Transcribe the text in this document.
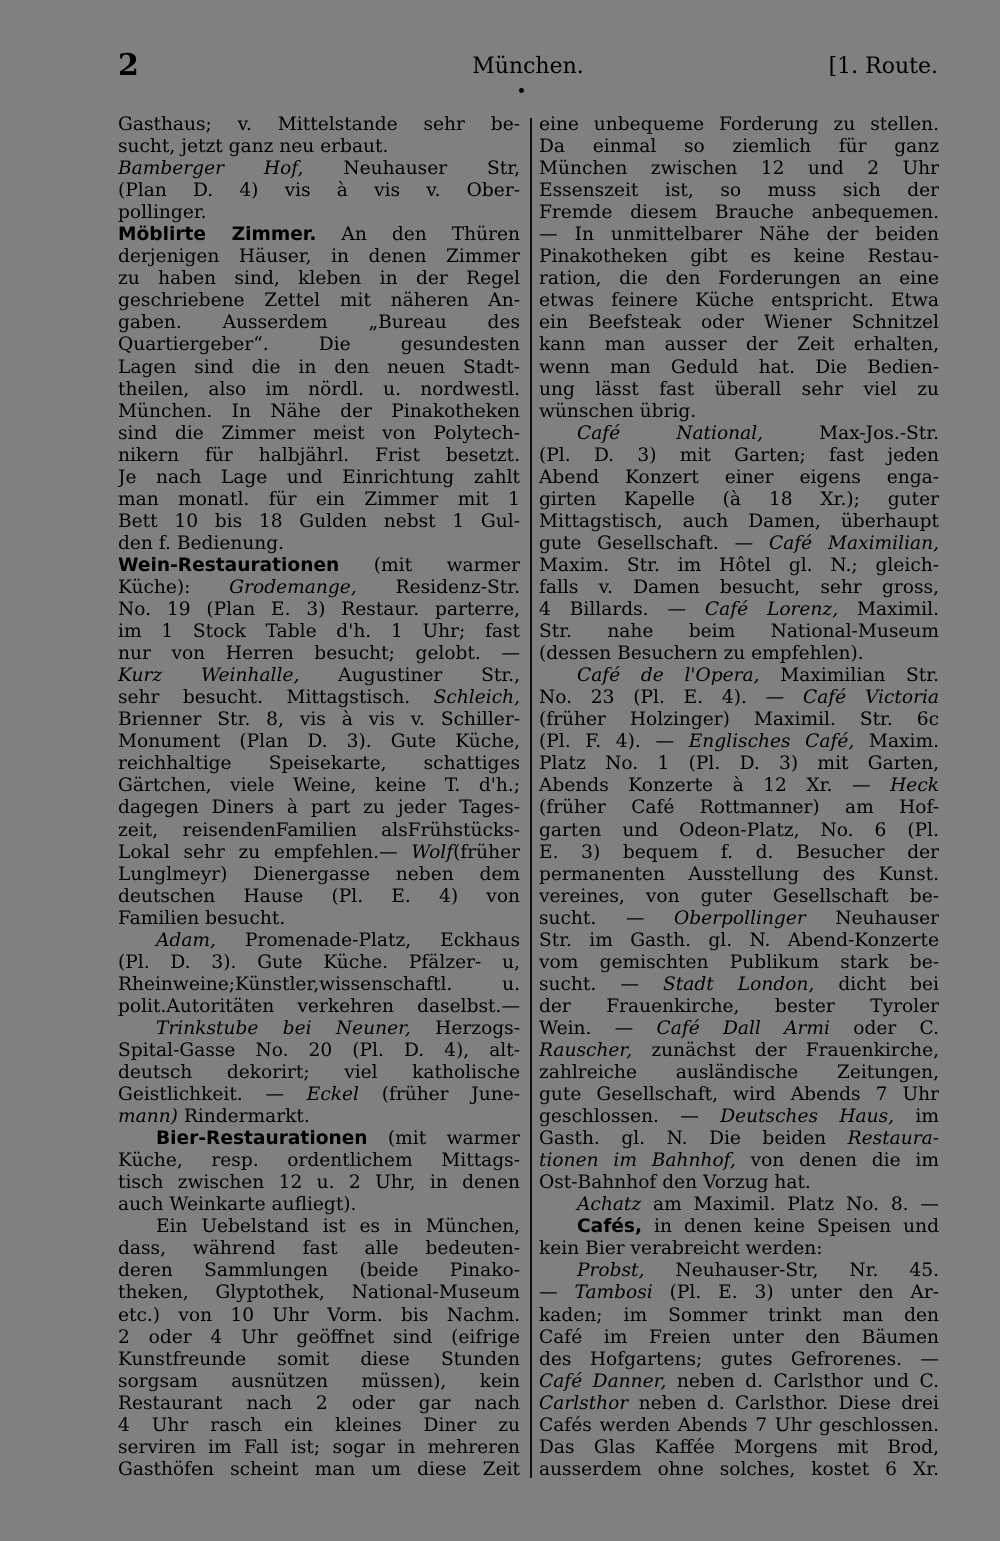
2	München.	[1. Route.
Gasthaus; v. Mittelstande sehr be-
sucht, jetzt ganz neu erbaut.
Bamberger Hof, Neuhauser Str,
(Plan D. 4) vis à vis v. Ober-
pollinger.
Möblirte Zimmer. An den Thüren
derjenigen Häuser, in denen Zimmer
zu haben sind, kleben in der Regel
geschriebene Zettel mit näheren An-
gaben. Ausserdem „Bureau des
Quartiergeber“. Die gesundesten
Lagen sind die in den neuen Stadt-
theilen, also im nördl. u. nordwestl.
München. In Nähe der Pinakotheken
sind die Zimmer meist von Polytech-
nikern für halbjährl. Frist besetzt.
Je nach Lage und Einrichtung zahlt
man monatl. für ein Zimmer mit 1
Bett 10 bis 18 Gulden nebst 1 Gul-
den f. Bedienung.
Wein-Restaurationen (mit warmer
Küche): Grodemange, Residenz-Str.
No. 19 (Plan E. 3) Restaur. parterre,
im 1 Stock Table d'h. 1 Uhr; fast
nur von Herren besucht; gelobt. —
Kurz Weinhalle, Augustiner Str.,
sehr besucht. Mittagstisch. Schleich,
Brienner Str. 8, vis à vis v. Schiller-
Monument (Plan D. 3). Gute Küche,
reichhaltige Speisekarte, schattiges
Gärtchen, viele Weine, keine T. d'h.;
dagegen Diners à part zu jeder Tages-
zeit, reisendenFamilien alsFrühstücks-
Lokal sehr zu empfehlen.— Wolf(früher
Lunglmeyr) Dienergasse neben dem
deutschen Hause (Pl. E. 4) von
Familien besucht.
Adam, Promenade-Platz, Eckhaus
(Pl. D. 3). Gute Küche. Pfälzer- u,
Rheinweine;Künstler,wissenschaftl. u.
polit.Autoritäten verkehren daselbst.—
Trinkstube bei Neuner, Herzogs-
Spital-Gasse No. 20 (Pl. D. 4), alt-
deutsch dekorirt; viel katholische
Geistlichkeit. — Eckel (früher June-
mann) Rindermarkt.
Bier-Restaurationen (mit warmer
Küche, resp. ordentlichem Mittags-
tisch zwischen 12 u. 2 Uhr, in denen
auch Weinkarte aufliegt).
Ein Uebelstand ist es in München,
dass, während fast alle bedeuten-
deren Sammlungen (beide Pinako-
theken, Glyptothek, National-Museum
etc.) von 10 Uhr Vorm. bis Nachm.
2 oder 4 Uhr geöffnet sind (eifrige
Kunstfreunde somit diese Stunden
sorgsam ausnützen müssen), kein
Restaurant nach 2 oder gar nach
4 Uhr rasch ein kleines Diner zu
serviren im Fall ist; sogar in mehreren
Gasthöfen scheint man um diese Zeit
eine unbequeme Forderung zu stellen.
Da einmal so ziemlich für ganz
München zwischen 12 und 2 Uhr
Essenszeit ist, so muss sich der
Fremde diesem Brauche anbequemen.
— In unmittelbarer Nähe der beiden
Pinakotheken gibt es keine Restau-
ration, die den Forderungen an eine
etwas feinere Küche entspricht. Etwa
ein Beefsteak oder Wiener Schnitzel
kann man ausser der Zeit erhalten,
wenn man Geduld hat. Die Bedien-
ung lässt fast überall sehr viel zu
wünschen übrig.
Café National, Max-Jos.-Str.
(Pl. D. 3) mit Garten; fast jeden
Abend Konzert einer eigens enga-
girten Kapelle (à 18 Xr.); guter
Mittagstisch, auch Damen, überhaupt
gute Gesellschaft. — Café Maximilian,
Maxim. Str. im Hôtel gl. N.; gleich-
falls v. Damen besucht, sehr gross,
4 Billards. — Café Lorenz, Maximil.
Str. nahe beim National-Museum
(dessen Besuchern zu empfehlen).
Café de l'Opera, Maximilian Str.
No. 23 (Pl. E. 4). — Café Victoria
(früher Holzinger) Maximil. Str. 6c
(Pl. F. 4). — Englisches Café, Maxim.
Platz No. 1 (Pl. D. 3) mit Garten,
Abends Konzerte à 12 Xr. — Heck
(früher Café Rottmanner) am Hof-
garten und Odeon-Platz, No. 6 (Pl.
E. 3) bequem f. d. Besucher der
permanenten Ausstellung des Kunst.
vereines, von guter Gesellschaft be-
sucht. — Oberpollinger Neuhauser
Str. im Gasth. gl. N. Abend-Konzerte
vom gemischten Publikum stark be-
sucht. — Stadt London, dicht bei
der Frauenkirche, bester Tyroler
Wein. — Café Dall Armi oder C.
Rauscher, zunächst der Frauenkirche,
zahlreiche ausländische Zeitungen,
gute Gesellschaft, wird Abends 7 Uhr
geschlossen. — Deutsches Haus, im
Gasth. gl. N. Die beiden Restaura-
tionen im Bahnhof, von denen die im
Ost-Bahnhof den Vorzug hat.
Achatz am Maximil. Platz No. 8. —
Cafés, in denen keine Speisen und
kein Bier verabreicht werden:
Probst, Neuhauser-Str, Nr. 45.
— Tambosi (Pl. E. 3) unter den Ar-
kaden; im Sommer trinkt man den
Café im Freien unter den Bäumen
des Hofgartens; gutes Gefrorenes. —
Café Danner, neben d. Carlsthor und C.
Carlsthor neben d. Carlsthor. Diese drei
Cafés werden Abends 7 Uhr geschlossen.
Das Glas Kaffée Morgens mit Brod,
ausserdem ohne solches, kostet 6 Xr.
